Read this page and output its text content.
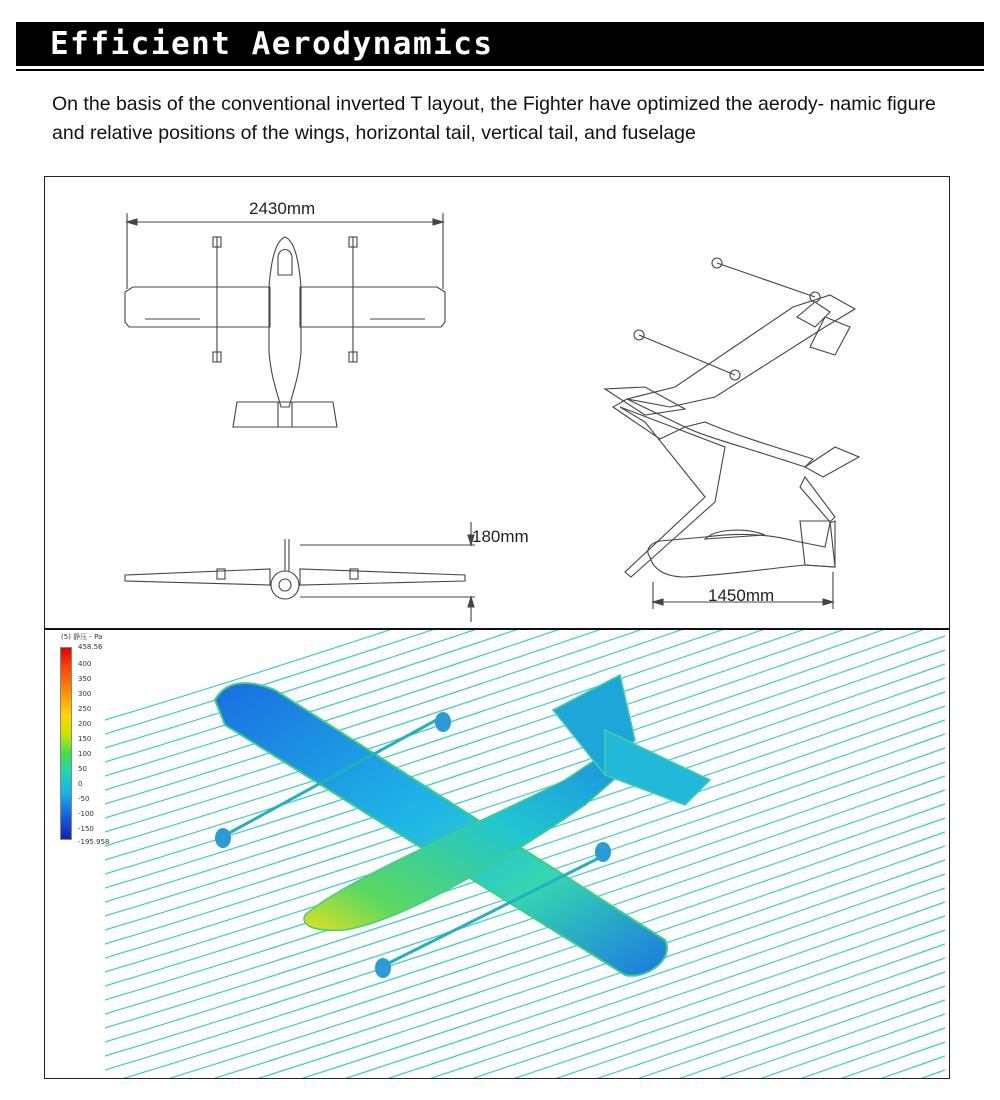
Efficient Aerodynamics

On the basis of the conventional inverted T layout, the Fighter have optimized the aerody- namic figure and relative positions of the wings, horizontal tail, vertical tail, and fuselage

2430mm
180mm
1450mm
(5) 静压 - Pa
458.56
400
350
300
250
200
150
100
50
0
-50
-100
-150
-195.958
